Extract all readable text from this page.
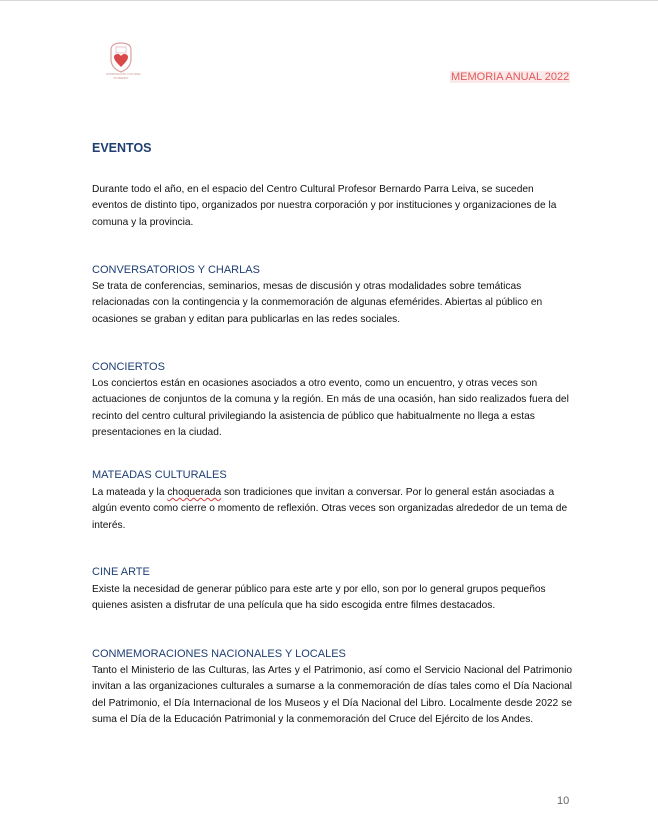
CORPORACIÓN CULTURAL
PUTAENDO	MEMORIA ANUAL 2022
EVENTOS

Durante todo el año, en el espacio del Centro Cultural Profesor Bernardo Parra Leiva, se suceden eventos de distinto tipo, organizados por nuestra corporación y por instituciones y organizaciones de la comuna y la provincia.

CONVERSATORIOS Y CHARLAS

Se trata de conferencias, seminarios, mesas de discusión y otras modalidades sobre temáticas relacionadas con la contingencia y la conmemoración de algunas efemérides. Abiertas al público en ocasiones se graban y editan para publicarlas en las redes sociales.

CONCIERTOS

Los conciertos están en ocasiones asociados a otro evento, como un encuentro, y otras veces son actuaciones de conjuntos de la comuna y la región. En más de una ocasión, han sido realizados fuera del recinto del centro cultural privilegiando la asistencia de público que habitualmente no llega a estas presentaciones en la ciudad.

MATEADAS CULTURALES

La mateada y la choquerada son tradiciones que invitan a conversar. Por lo general están asociadas a algún evento como cierre o momento de reflexión. Otras veces son organizadas alrededor de un tema de interés.

CINE ARTE

Existe la necesidad de generar público para este arte y por ello, son por lo general grupos pequeños quienes asisten a disfrutar de una película que ha sido escogida entre filmes destacados.

CONMEMORACIONES NACIONALES Y LOCALES

Tanto el Ministerio de las Culturas, las Artes y el Patrimonio, así como el Servicio Nacional del Patrimonio invitan a las organizaciones culturales a sumarse a la conmemoración de días tales como el Día Nacional del Patrimonio, el Día Internacional de los Museos y el Día Nacional del Libro. Localmente desde 2022 se suma el Día de la Educación Patrimonial y la conmemoración del Cruce del Ejército de los Andes.

10
